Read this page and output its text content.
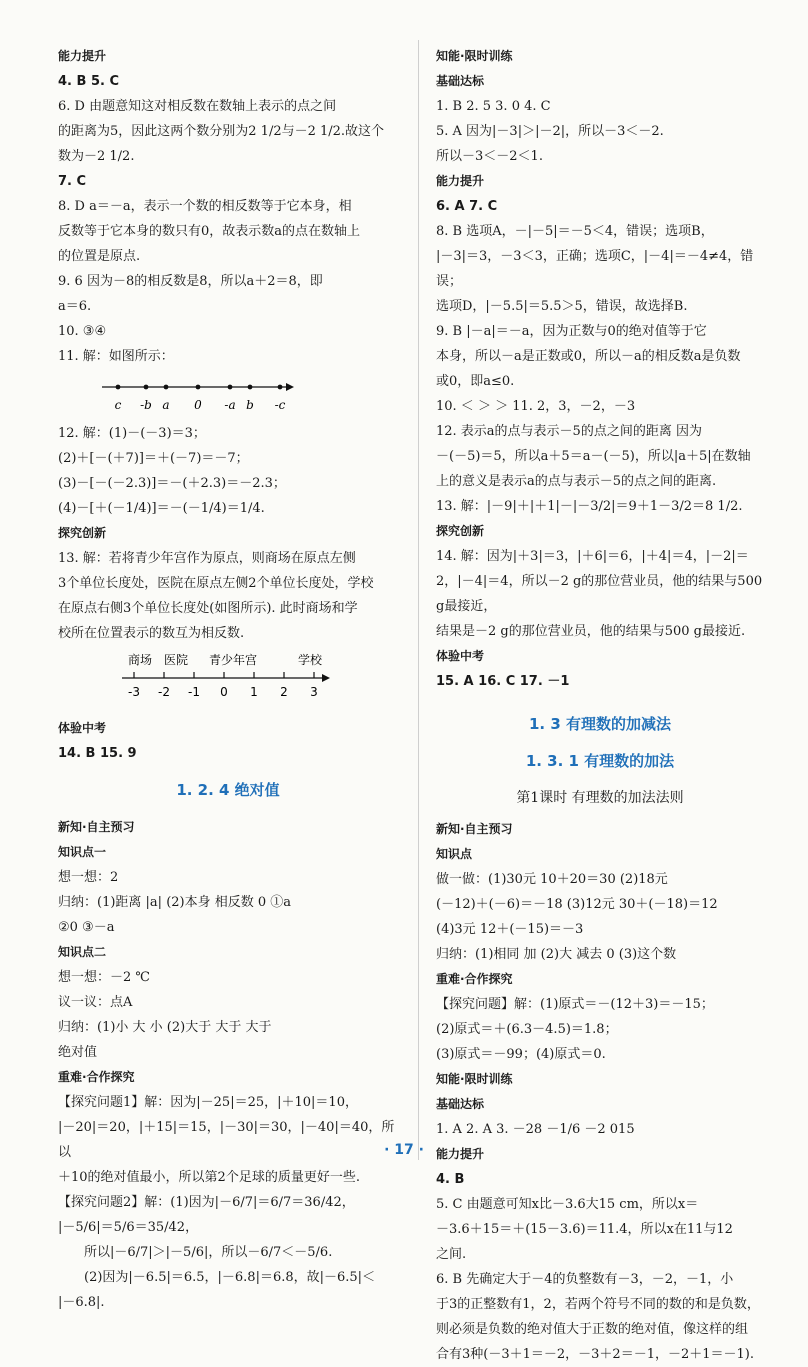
能力提升

4. B 5. C

6. D 由题意知这对相反数在数轴上表示的点之间

的距离为5，因此这两个数分别为2 1/2与－2 1/2.故这个

数为－2 1/2.

7. C

8. D a＝－a，表示一个数的相反数等于它本身，相

反数等于它本身的数只有0，故表示数a的点在数轴上

的位置是原点.

9. 6 因为－8的相反数是8，所以a＋2＝8，即

a＝6.

10. ③④

11. 解：如图所示：

c -b a 0 -a b -c

12. 解：(1)－(－3)＝3；

(2)＋[－(＋7)]＝＋(－7)＝－7；

(3)－[－(－2.3)]＝－(＋2.3)＝－2.3；

(4)－[＋(－1/4)]＝－(－1/4)＝1/4.

探究创新

13. 解：若将青少年宫作为原点，则商场在原点左侧

3个单位长度处，医院在原点左侧2个单位长度处，学校

在原点右侧3个单位长度处(如图所示). 此时商场和学

校所在位置表示的数互为相反数.

商场 医院 青少年宫	学校
-3 -2 -1 0 1 2 3

体验中考

14. B 15. 9

1. 2. 4 绝对值

新知·自主预习

知识点一

想一想：2

归纳：(1)距离 |a| (2)本身 相反数 0 ①a

②0 ③－a

知识点二

想一想：－2 ℃

议一议：点A

归纳：(1)小 大 小 (2)大于 大于 大于

绝对值

重难·合作探究

【探究问题1】解：因为|－25|＝25，|＋10|＝10，

|－20|＝20，|＋15|＝15，|－30|＝30，|－40|＝40，所以

＋10的绝对值最小，所以第2个足球的质量更好一些.

【探究问题2】解：(1)因为|－6/7|＝6/7＝36/42，

|－5/6|＝5/6＝35/42，

所以|－6/7|＞|－5/6|，所以－6/7＜－5/6.

(2)因为|－6.5|＝6.5，|－6.8|＝6.8，故|－6.5|＜

|－6.8|.

知能·限时训练

基础达标

1. B 2. 5 3. 0 4. C

5. A 因为|－3|＞|－2|，所以－3＜－2.

所以－3＜－2＜1.

能力提升

6. A 7. C

8. B 选项A，－|－5|＝－5＜4，错误；选项B，

|－3|＝3，－3＜3，正确；选项C，|－4|＝－4≠4，错误；

选项D，|－5.5|＝5.5＞5，错误，故选择B.

9. B |－a|＝－a，因为正数与0的绝对值等于它

本身，所以－a是正数或0，所以－a的相反数a是负数

或0，即a≤0.

10. ＜ ＞ ＞ 11. 2，3，－2，－3

12. 表示a的点与表示－5的点之间的距离 因为

－(－5)＝5，所以a＋5＝a－(－5)，所以|a＋5|在数轴

上的意义是表示a的点与表示－5的点之间的距离.

13. 解：|－9|＋|＋1|－|－3/2|＝9＋1－3/2＝8 1/2.

探究创新

14. 解：因为|＋3|＝3，|＋6|＝6，|＋4|＝4，|－2|＝

2，|－4|＝4，所以－2 g的那位营业员，他的结果与500 g最接近，

结果是－2 g的那位营业员，他的结果与500 g最接近.

体验中考

15. A 16. C 17. －1

1. 3 有理数的加减法
1. 3. 1 有理数的加法
第1课时 有理数的加法法则

新知·自主预习

知识点

做一做：(1)30元 10＋20＝30 (2)18元

(－12)＋(－6)＝－18 (3)12元 30＋(－18)＝12

(4)3元 12＋(－15)＝－3

归纳：(1)相同 加 (2)大 减去 0 (3)这个数

重难·合作探究

【探究问题】解：(1)原式＝－(12＋3)＝－15；

(2)原式＝＋(6.3－4.5)＝1.8；

(3)原式＝－99；(4)原式＝0.

知能·限时训练

基础达标

1. A 2. A 3. －28 －1/6 －2 015

能力提升

4. B

5. C 由题意可知x比－3.6大15 cm，所以x＝

－3.6＋15＝＋(15－3.6)＝11.4，所以x在11与12

之间.

6. B 先确定大于－4的负整数有－3，－2，－1，小

于3的正整数有1，2，若两个符号不同的数的和是负数，

则必须是负数的绝对值大于正数的绝对值，像这样的组

合有3种(－3＋1＝－2，－3＋2＝－1，－2＋1＝－1).

· 17 ·
